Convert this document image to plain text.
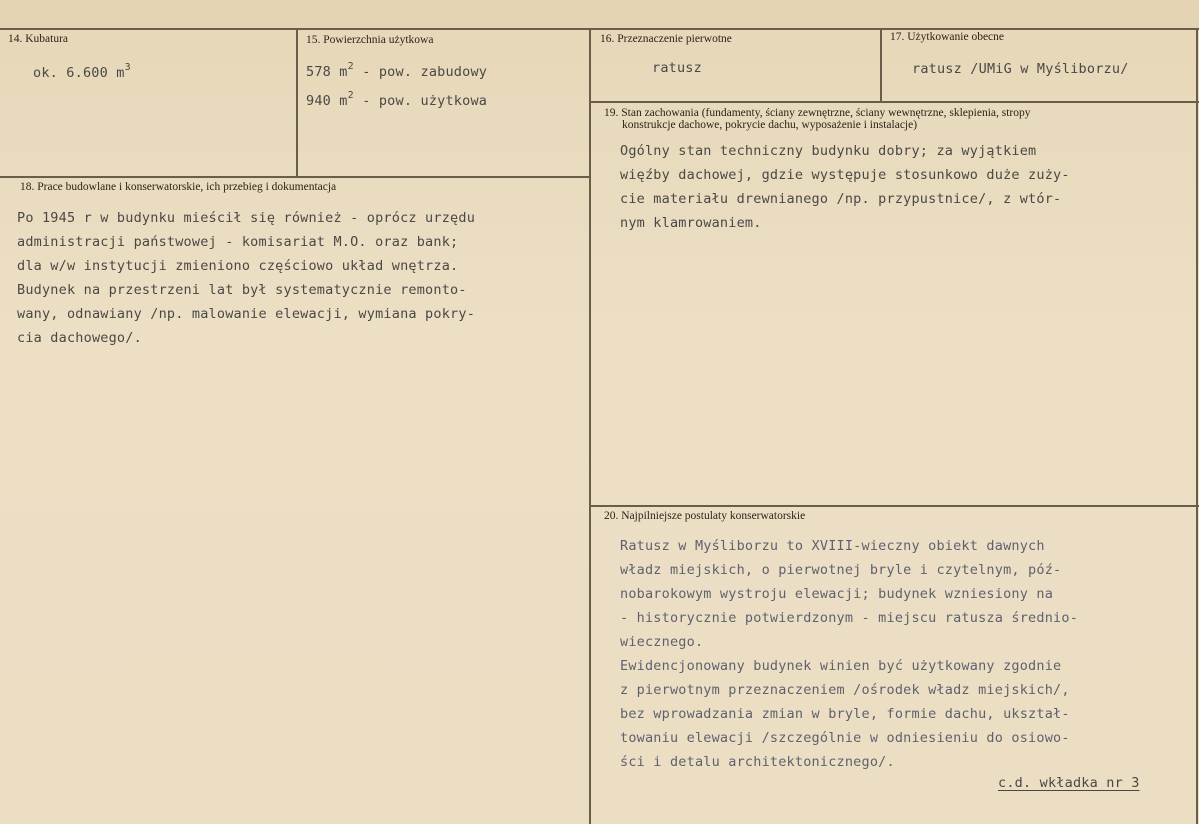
14. Kubatura
ok. 6.600 $m^3$
15. Powierzchnia użytkowa
578 $m^2$ - pow. zabudowy
940 $m^2$ - pow. użytkowa
16. Przeznaczenie pierwotne
ratusz
17. Użytkowanie obecne
ratusz /UMiG w Myśliborzu/
18. Prace budowlane i konserwatorskie, ich przebieg i dokumentacja
Po 1945 r w budynku mieścił się również - oprócz urzędu
administracji państwowej - komisariat M.O. oraz bank;
dla w/w instytucji zmieniono częściowo układ wnętrza.
Budynek na przestrzeni lat był systematycznie remonto-
wany, odnawiany /np. malowanie elewacji, wymiana pokry-
cia dachowego/.
19. Stan zachowania (fundamenty, ściany zewnętrzne, ściany wewnętrzne, sklepienia, stropy
konstrukcje dachowe, pokrycie dachu, wyposażenie i instalacje)
Ogólny stan techniczny budynku dobry; za wyjątkiem
więźby dachowej, gdzie występuje stosunkowo duże zuży-
cie materiału drewnianego /np. przypustnice/, z wtór-
nym klamrowaniem.
20. Najpilniejsze postulaty konserwatorskie
Ratusz w Myśliborzu to XVIII-wieczny obiekt dawnych
władz miejskich, o pierwotnej bryle i czytelnym, póź-
nobarokowym wystroju elewacji; budynek wzniesiony na
- historycznie potwierdzonym - miejscu ratusza średnio-
wiecznego.
Ewidencjonowany budynek winien być użytkowany zgodnie
z pierwotnym przeznaczeniem /ośrodek władz miejskich/,
bez wprowadzania zmian w bryle, formie dachu, ukształ-
towaniu elewacji /szczególnie w odniesieniu do osiowo-
ści i detalu architektonicznego/.
c.d. wkładka nr 3
